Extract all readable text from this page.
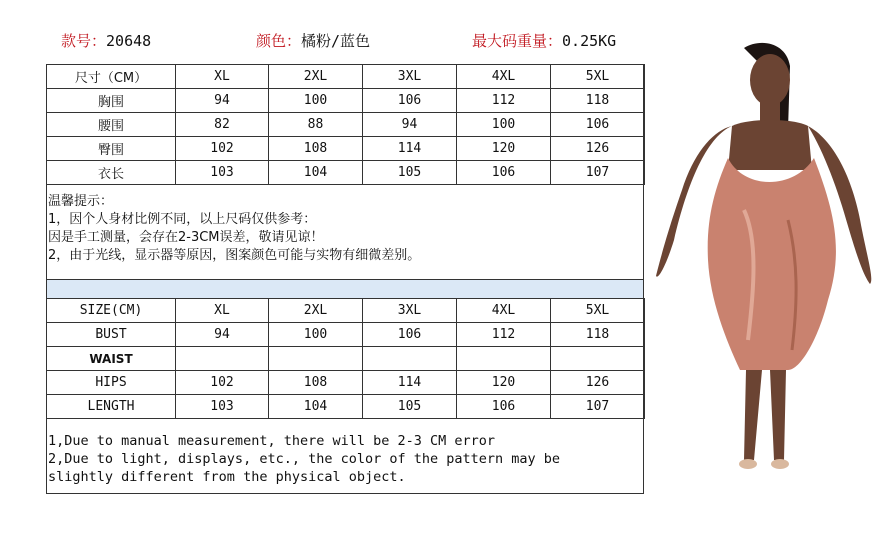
款号：20648	颜色：橘粉/蓝色	最大码重量：0.25KG
尺寸（CM）	XL	2XL	3XL	4XL	5XL
胸围	94	100	106	112	118
腰围	82	88	94	100	106
臀围	102	108	114	120	126
衣长	103	104	105	106	107
温馨提示：
1，因个人身材比例不同，以上尺码仅供参考：
因是手工测量，会存在2-3CM误差，敬请见谅！
2，由于光线，显示器等原因，图案颜色可能与实物有细微差别。
SIZE(CM)	XL	2XL	3XL	4XL	5XL
BUST	94	100	106	112	118
WAIST					
HIPS	102	108	114	120	126
LENGTH	103	104	105	106	107
1,Due to manual measurement, there will be 2-3 CM error
2,Due to light, displays, etc., the color of the pattern may be
slightly different from the physical object.
